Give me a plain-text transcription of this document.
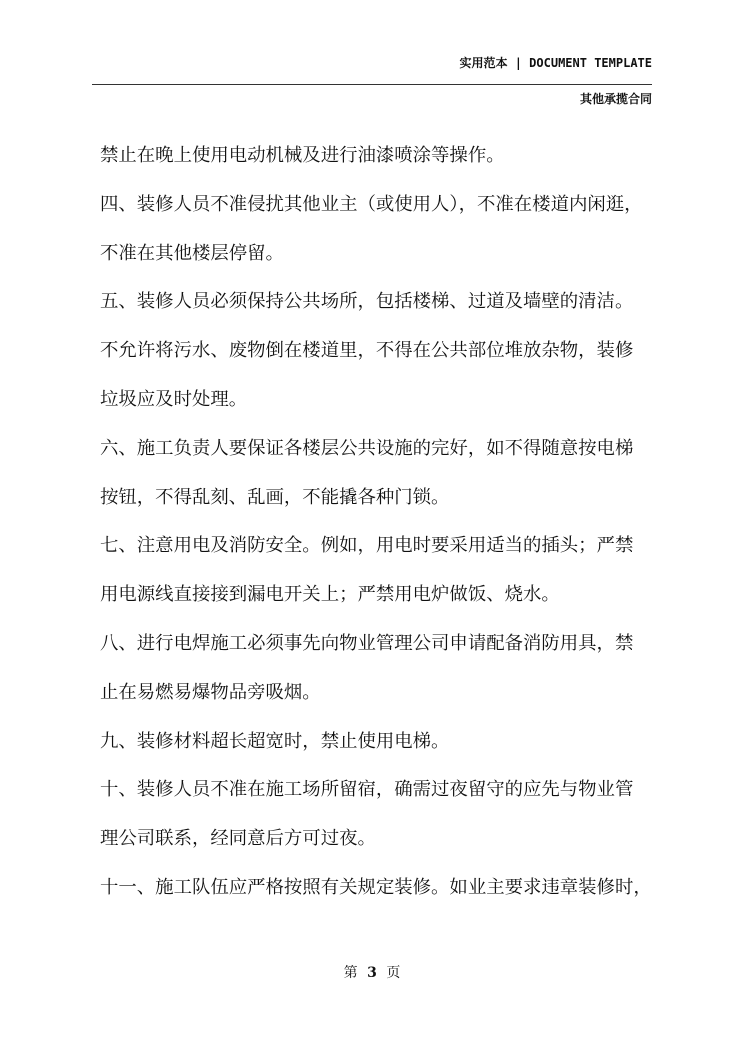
实用范本 | DOCUMENT TEMPLATE
其他承揽合同
禁止在晚上使用电动机械及进行油漆喷涂等操作。
四、装修人员不准侵扰其他业主（或使用人），不准在楼道内闲逛，
不准在其他楼层停留。
五、装修人员必须保持公共场所，包括楼梯、过道及墙壁的清洁。
不允许将污水、废物倒在楼道里，不得在公共部位堆放杂物，装修
垃圾应及时处理。
六、施工负责人要保证各楼层公共设施的完好，如不得随意按电梯
按钮，不得乱刻、乱画，不能撬各种门锁。
七、注意用电及消防安全。例如，用电时要采用适当的插头；严禁
用电源线直接接到漏电开关上；严禁用电炉做饭、烧水。
八、进行电焊施工必须事先向物业管理公司申请配备消防用具，禁
止在易燃易爆物品旁吸烟。
九、装修材料超长超宽时，禁止使用电梯。
十、装修人员不准在施工场所留宿，确需过夜留守的应先与物业管
理公司联系，经同意后方可过夜。
十一、施工队伍应严格按照有关规定装修。如业主要求违章装修时，
第 3 页
